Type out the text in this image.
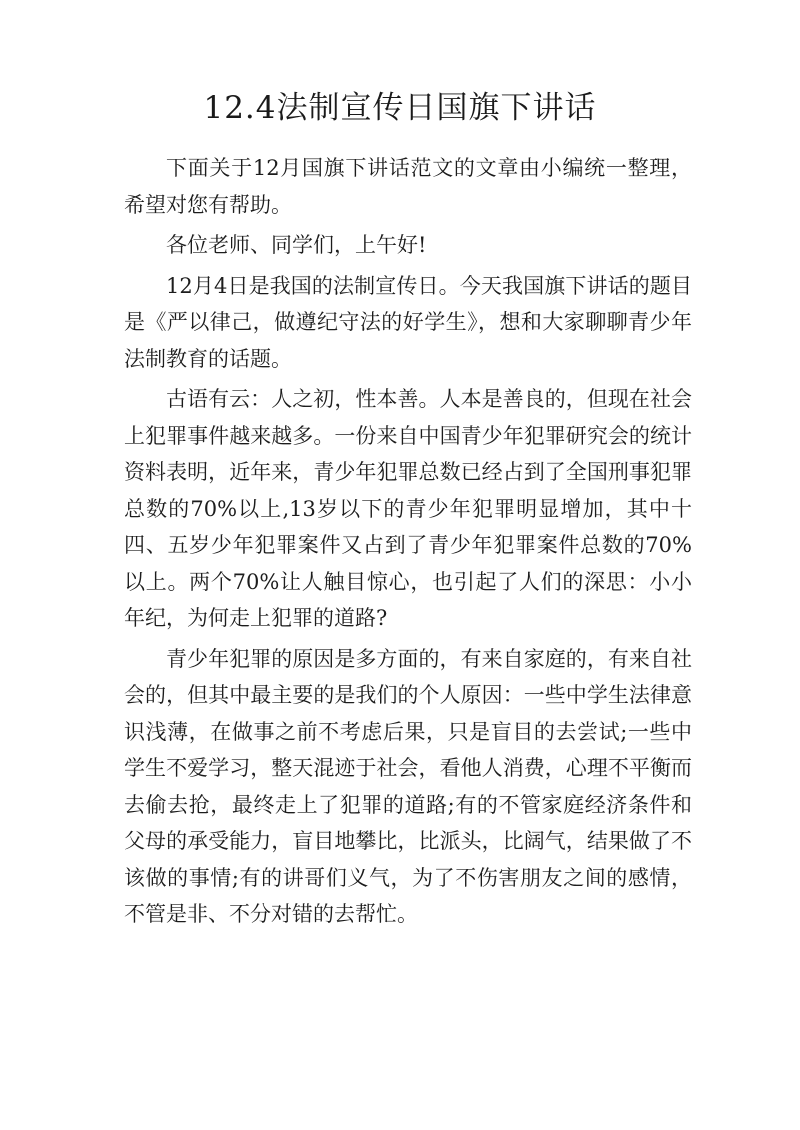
12.4法制宣传日国旗下讲话

下面关于12月国旗下讲话范文的文章由小编统一整理，希望对您有帮助。

各位老师、同学们，上午好!

12月4日是我国的法制宣传日。今天我国旗下讲话的题目是《严以律己，做遵纪守法的好学生》，想和大家聊聊青少年法制教育的话题。

古语有云：人之初，性本善。人本是善良的，但现在社会上犯罪事件越来越多。一份来自中国青少年犯罪研究会的统计资料表明，近年来，青少年犯罪总数已经占到了全国刑事犯罪总数的70%以上,13岁以下的青少年犯罪明显增加，其中十四、五岁少年犯罪案件又占到了青少年犯罪案件总数的70%以上。两个70%让人触目惊心，也引起了人们的深思：小小年纪，为何走上犯罪的道路?

青少年犯罪的原因是多方面的，有来自家庭的，有来自社会的，但其中最主要的是我们的个人原因：一些中学生法律意识浅薄，在做事之前不考虑后果，只是盲目的去尝试;一些中学生不爱学习，整天混迹于社会，看他人消费，心理不平衡而去偷去抢，最终走上了犯罪的道路;有的不管家庭经济条件和父母的承受能力，盲目地攀比，比派头，比阔气，结果做了不该做的事情;有的讲哥们义气，为了不伤害朋友之间的感情，不管是非、不分对错的去帮忙。
